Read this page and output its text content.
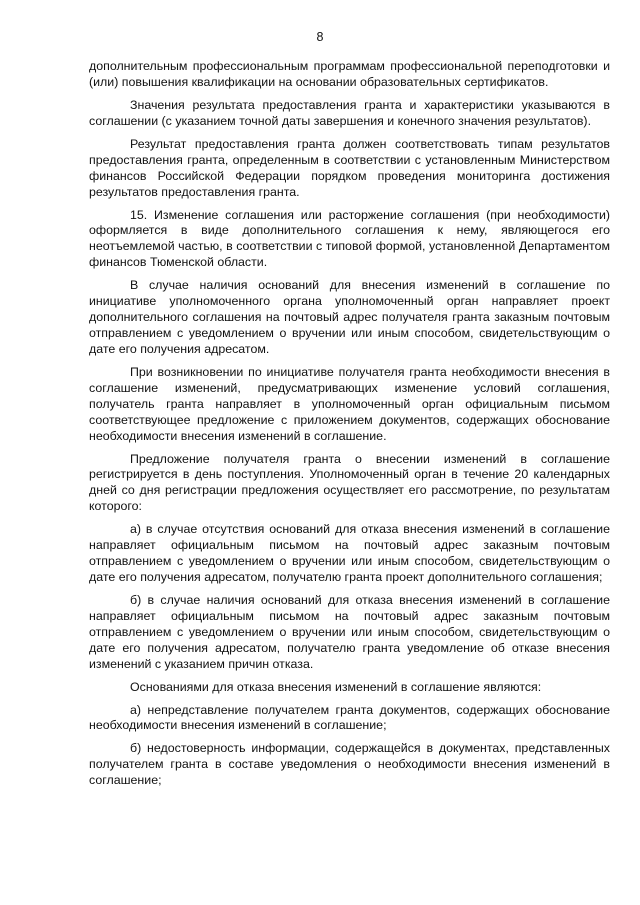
8

дополнительным профессиональным программам профессиональной переподготовки и (или) повышения квалификации на основании образовательных сертификатов.

Значения результата предоставления гранта и характеристики указываются в соглашении (с указанием точной даты завершения и конечного значения результатов).

Результат предоставления гранта должен соответствовать типам результатов предоставления гранта, определенным в соответствии с установленным Министерством финансов Российской Федерации порядком проведения мониторинга достижения результатов предоставления гранта.

15. Изменение соглашения или расторжение соглашения (при необходимости) оформляется в виде дополнительного соглашения к нему, являющегося его неотъемлемой частью, в соответствии с типовой формой, установленной Департаментом финансов Тюменской области.

В случае наличия оснований для внесения изменений в соглашение по инициативе уполномоченного органа уполномоченный орган направляет проект дополнительного соглашения на почтовый адрес получателя гранта заказным почтовым отправлением с уведомлением о вручении или иным способом, свидетельствующим о дате его получения адресатом.

При возникновении по инициативе получателя гранта необходимости внесения в соглашение изменений, предусматривающих изменение условий соглашения, получатель гранта направляет в уполномоченный орган официальным письмом соответствующее предложение с приложением документов, содержащих обоснование необходимости внесения изменений в соглашение.

Предложение получателя гранта о внесении изменений в соглашение регистрируется в день поступления. Уполномоченный орган в течение 20 календарных дней со дня регистрации предложения осуществляет его рассмотрение, по результатам которого:

а) в случае отсутствия оснований для отказа внесения изменений в соглашение направляет официальным письмом на почтовый адрес заказным почтовым отправлением с уведомлением о вручении или иным способом, свидетельствующим о дате его получения адресатом, получателю гранта проект дополнительного соглашения;

б) в случае наличия оснований для отказа внесения изменений в соглашение направляет официальным письмом на почтовый адрес заказным почтовым отправлением с уведомлением о вручении или иным способом, свидетельствующим о дате его получения адресатом, получателю гранта уведомление об отказе внесения изменений с указанием причин отказа.

Основаниями для отказа внесения изменений в соглашение являются:

а) непредставление получателем гранта документов, содержащих обоснование необходимости внесения изменений в соглашение;

б) недостоверность информации, содержащейся в документах, представленных получателем гранта в составе уведомления о необходимости внесения изменений в соглашение;
